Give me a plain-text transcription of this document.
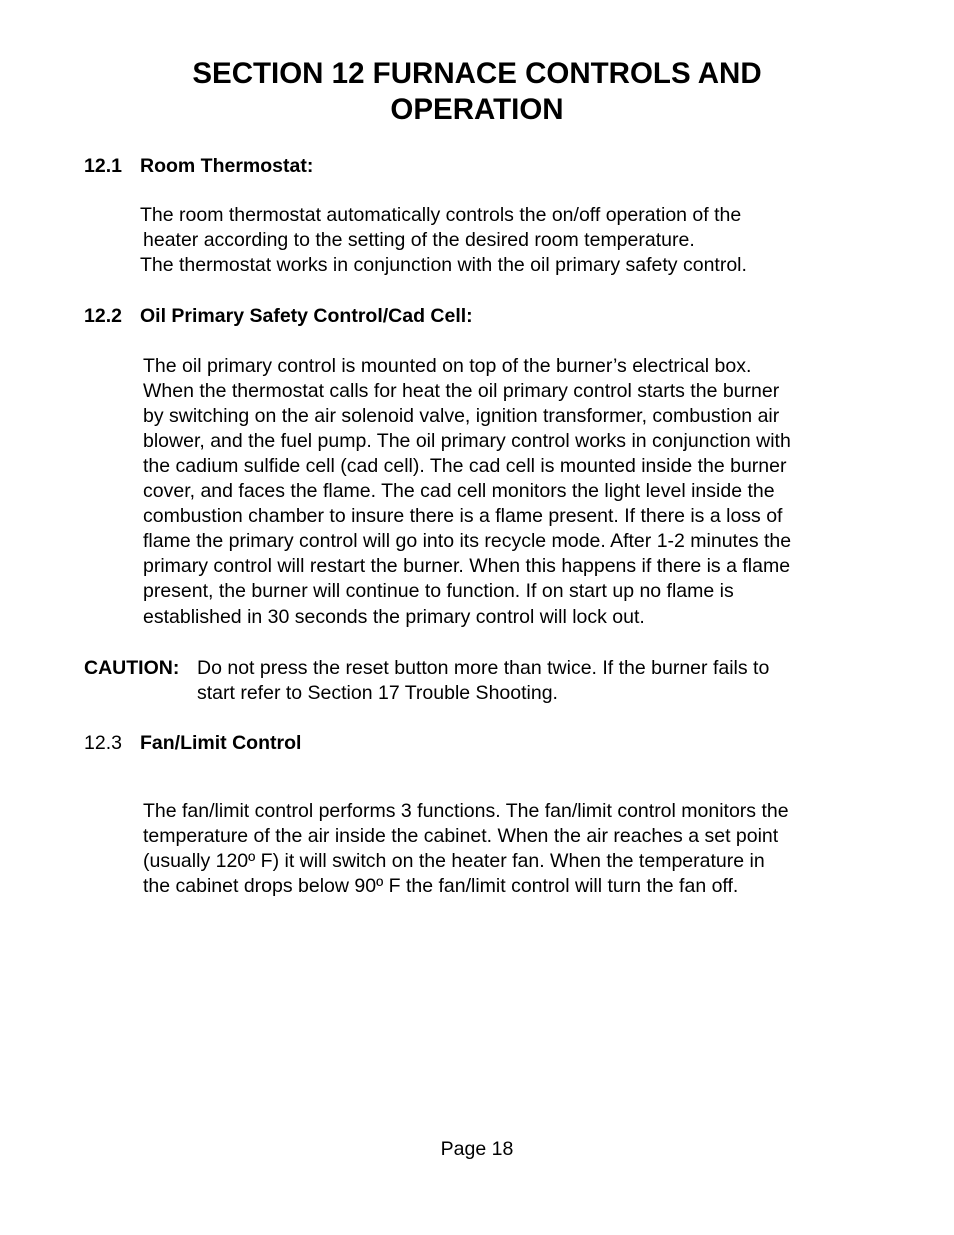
SECTION 12 FURNACE CONTROLS AND
OPERATION
12.1 Room Thermostat:
The room thermostat automatically controls the on/off operation of the
heater according to the setting of the desired room temperature.
The thermostat works in conjunction with the oil primary safety control.
12.2 Oil Primary Safety Control/Cad Cell:
The oil primary control is mounted on top of the burner’s electrical box.
When the thermostat calls for heat the oil primary control starts the burner
by switching on the air solenoid valve, ignition transformer, combustion air
blower, and the fuel pump. The oil primary control works in conjunction with
the cadium sulfide cell (cad cell). The cad cell is mounted inside the burner
cover, and faces the flame. The cad cell monitors the light level inside the
combustion chamber to insure there is a flame present. If there is a loss of
flame the primary control will go into its recycle mode. After 1-2 minutes the
primary control will restart the burner. When this happens if there is a flame
present, the burner will continue to function. If on start up no flame is
established in 30 seconds the primary control will lock out.
CAUTION: Do not press the reset button more than twice. If the burner fails to
start refer to Section 17 Trouble Shooting.
12.3 Fan/Limit Control
The fan/limit control performs 3 functions. The fan/limit control monitors the
temperature of the air inside the cabinet. When the air reaches a set point
(usually 120º F) it will switch on the heater fan. When the temperature in
the cabinet drops below 90º F the fan/limit control will turn the fan off.
Page 18
